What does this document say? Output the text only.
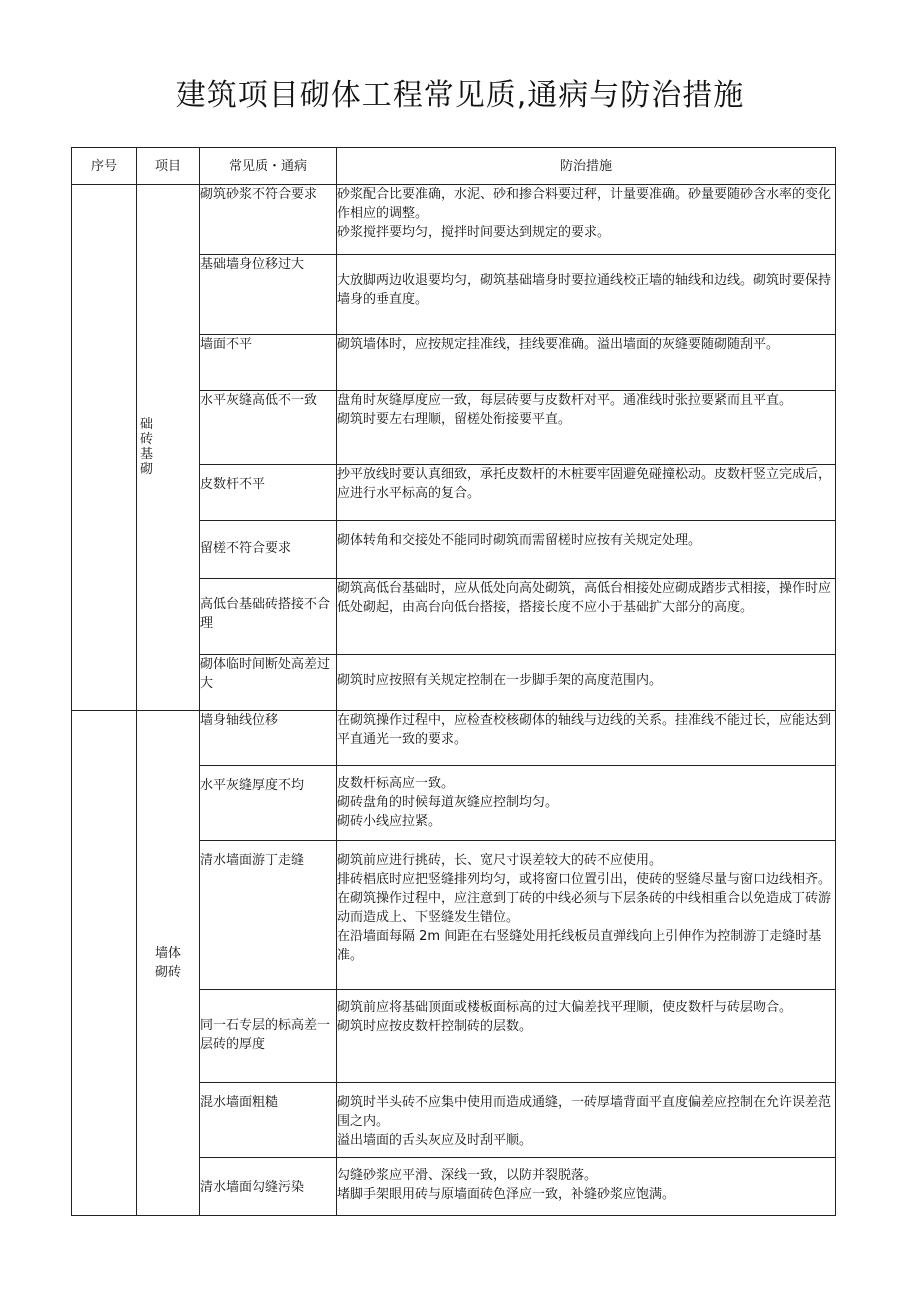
建筑项目砌体工程常见质,通病与防治措施
序号	项目	常见质・通病	防治措施
	础砖基砌	砌筑砂浆不符合要求	砂浆配合比要准确，水泥、砂和掺合料要过秤，计量要准确。砂量要随砂含水率的变化作相应的调整。
砂浆搅拌要均匀，搅拌时间要达到规定的要求。

		基础墙身位移过大	大放脚两边收退要均匀，砌筑基础墙身时要拉通线校正墙的轴线和边线。砌筑时要保持墙身的垂直度。

		墙面不平	砌筑墙体时，应按规定挂准线，挂线要准确。溢出墙面的灰缝要随砌随刮平。

		水平灰缝高低不一致	盘角时灰缝厚度应一致，每层砖要与皮数杆对平。通准线时张拉要紧而且平直。
砌筑时要左右理顺，留槎处衔接要平直。

		皮数杆不平	抄平放线时要认真细致，承托皮数杆的木桩要牢固避免碰撞松动。皮数杆竖立完成后，应进行水平标高的复合。

		留槎不符合要求	砌体转角和交接处不能同时砌筑而需留槎时应按有关规定处理。

		高低台基础砖搭接不合理	砌筑高低台基础时，应从低处向高处砌筑，高低台相接处应砌成踏步式相接，操作时应低处砌起，由高台向低台搭接，搭接长度不应小于基础扩大部分的高度。

		砌体临时间断处高差过大	砌筑时应按照有关规定控制在一步脚手架的高度范围内。

	墙体砌砖	墙身轴线位移	在砌筑操作过程中，应检查校核砌体的轴线与边线的关系。挂准线不能过长，应能达到平直通光一致的要求。

		水平灰缝厚度不均	皮数杆标高应一致。
砌砖盘角的时候每道灰缝应控制均匀。
砌砖小线应拉紧。

		清水墙面游丁走缝	砌筑前应进行挑砖，长、宽尺寸误差较大的砖不应使用。
排砖椙底时应把竖缝排列均匀，或将窗口位置引出，使砖的竖缝尽量与窗口边线相齐。
在砌筑操作过程中，应注意到丁砖的中线必须与下层条砖的中线相重合以免造成丁砖游动而造成上、下竖缝发生错位。
在沿墙面每隔 2m 间距在右竖缝处用托线板员直弹线向上引伸作为控制游丁走缝时基准。

		同一石专层的标高差一层砖的厚度	砌筑前应将基础顶面或楼板面标高的过大偏差找平理顺，使皮数杆与砖层吻合。
砌筑时应按皮数杆控制砖的层数。

		混水墙面粗糙	砌筑时半头砖不应集中使用而造成通缝，一砖厚墙背面平直度偏差应控制在允许误差范围之内。
溢出墙面的舌头灰应及时刮平顺。

		清水墙面勾缝污染	勾缝砂浆应平滑、深线一致，以防并裂脱落。
堵脚手架眼用砖与原墙面砖色泽应一致，补缝砂浆应饱满。
